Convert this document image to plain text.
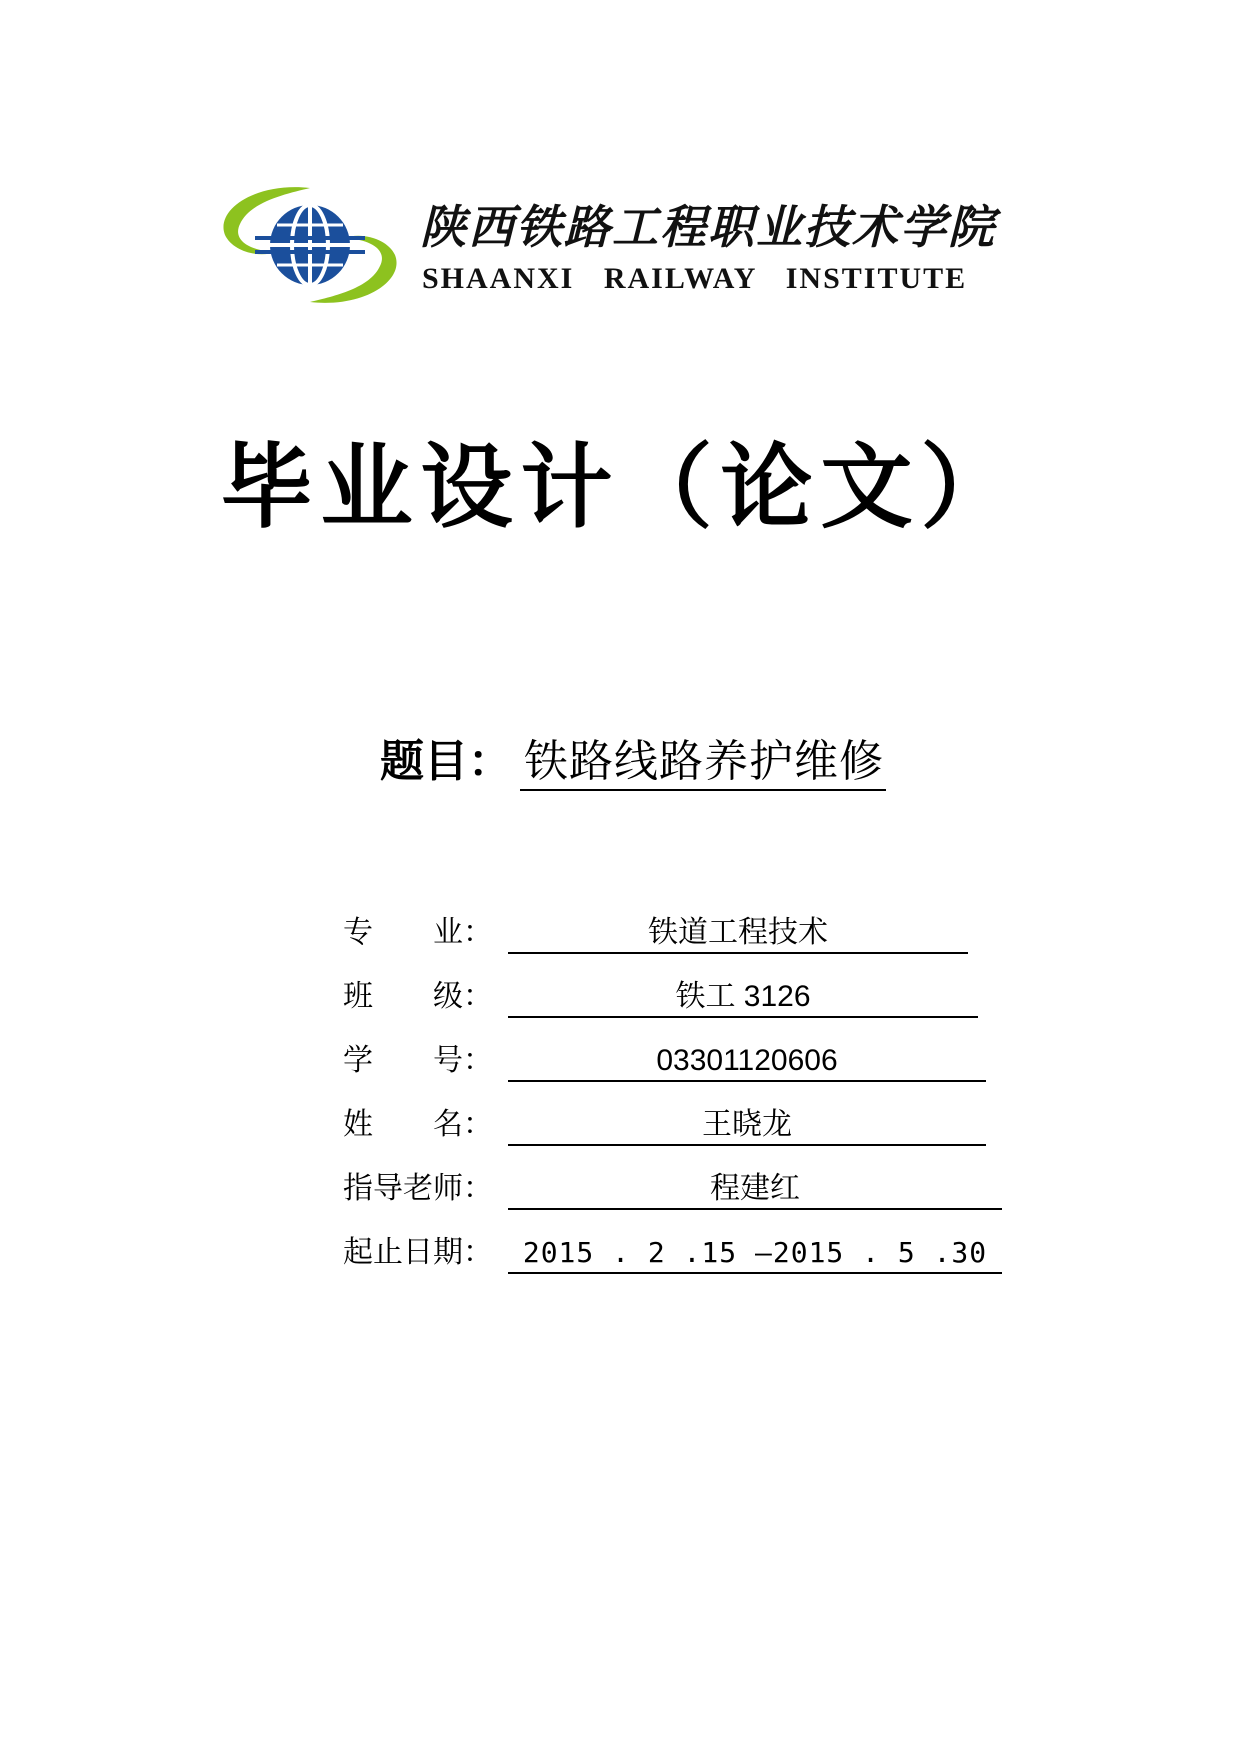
陕西铁路工程职业技术学院
SHAANXI RAILWAY INSTITUTE
毕业设计（论文）
题目： 铁路线路养护维修
专 业：	铁道工程技术
班 级：	铁工 3126
学 号：	03301120606
姓 名：	王晓龙
指导老师：	程建红
起止日期：	2015 . 2 .15 —2015 . 5 .30
